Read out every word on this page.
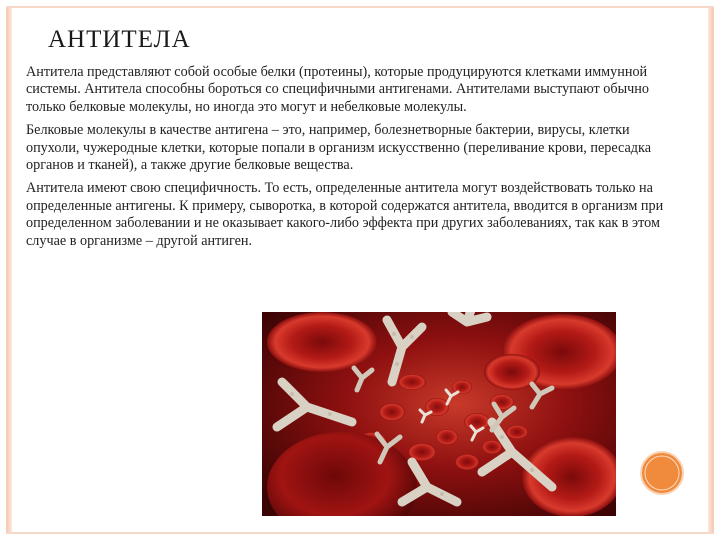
АНТИТЕЛА

Антитела представляют собой особые белки (протеины), которые продуцируются клетками иммунной системы. Антитела способны бороться со специфичными антигенами. Антителами выступают обычно только белковые молекулы, но иногда это могут и небелковые молекулы.

Белковые молекулы в качестве антигена – это, например, болезнетворные бактерии, вирусы, клетки опухоли, чужеродные клетки, которые попали в организм искусственно (переливание крови, пересадка органов и тканей), а также другие белковые вещества.

Антитела имеют свою специфичность. То есть, определенные антитела могут воздействовать только на определенные антигены. К примеру, сыворотка, в которой содержатся антитела, вводится в организм при определенном заболевании и не оказывает какого-либо эффекта при других заболеваниях, так как в этом случае в организме – другой антиген.
